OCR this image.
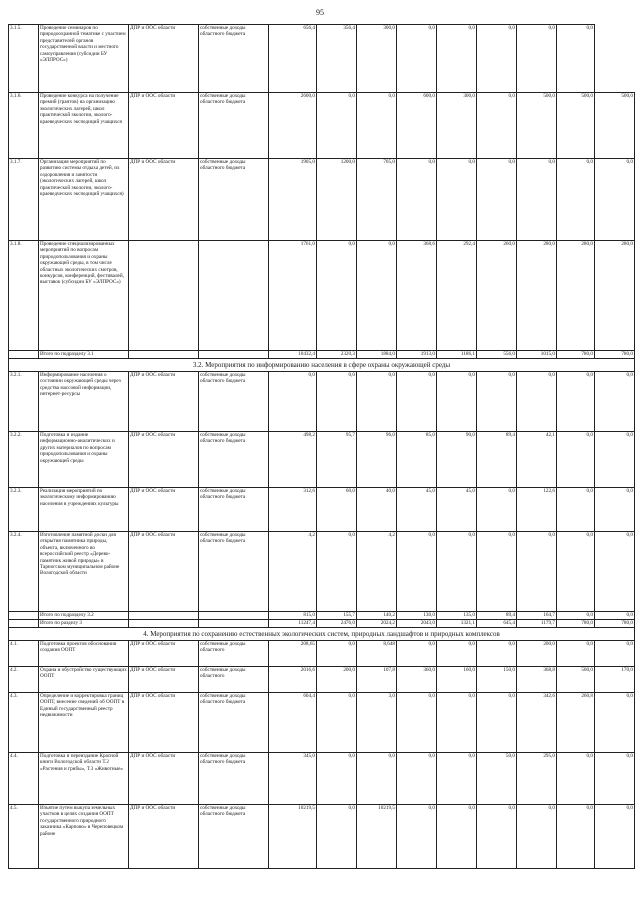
95
3.1.5.	Проведение семинаров по природоохранной тематике с участием представителей органов государственной власти и местного самоуправления (субсидии БУ «ЭЛПРОС»)	ДПР и ООС области	собственные доходы областного бюджета	656,4	356,4	300,0	0,0	0,0	0,0	0,0	0,0	
3.1.6.	Проведение конкурса на получение премий (грантов) на организацию экологических лагерей, школ практической экологии, эколого-краеведческих экспедиций учащихся	ДПР и ООС области	собственные доходы областного бюджета	2600,0	0,0	0,0	600,0	300,0	0,0	500,0	500,0	500,0
3.1.7.	Организация мероприятий по развитию системы отдыха детей, их оздоровления и занятости (экологических лагерей, школ практической экологии, эколого-краеведческих экспедиций учащихся)	ДПР и ООС области	собственные доходы областного бюджета	1905,0	1200,0	705,0	0,0	0,0	0,0	0,0	0,0	0,0
3.1.8.	Проведение специализированных мероприятий по вопросам природопользования и охраны окружающей среды, в том числе областных экологических смотров, конкурсов, конференций, фестивалей, выставок (субсидии БУ «ЭЛПРОС»)			1761,0	0,0	0,0	368,6	292,4	260,0	280,0	280,0	280,0
	Итого по подразделу 3.1			10432,4	2320,3	1884,0	1913,0	1186,1	556,0	1015,0	780,0	780,0
3.2. Мероприятия по информированию населения в сфере охраны окружающей среды												
3.2.1.	Информирование населения о состоянии окружающей среды через средства массовой информации, интернет-ресурсы	ДПР и ООС области	собственные доходы областного бюджета	0,0	0,0	0,0	0,0	0,0	0,0	0,0	0,0	0,0
3.2.2.	Подготовка и издание информационно-аналитических и других материалов по вопросам природопользования и охраны окружающей среды	ДПР и ООС области	собственные доходы областного бюджета	498,2	95,7	96,0	85,0	90,0	89,4	42,1	0,0	0,0
3.2.3.	Реализация мероприятий по экологическому информированию населения в учреждениях культуры	ДПР и ООС области	собственные доходы областного бюджета	312,6	60,0	40,0	45,0	45,0	0,0	122,6	0,0	0,0
3.2.4.	Изготовление памятной доски для открытия памятника природы, объекта, включенного во всероссийский реестр «Дерево-памятник живой природы» в Тарногском муниципальном районе Вологодской области	ДПР и ООС области	собственные доходы областного бюджета	4,2	0,0	4,2	0,0	0,0	0,0	0,0	0,0	0,0
	Итого по подразделу 3.2			815,0	155,7	140,2	130,0	135,0	89,4	164,7	0,0	0,0
	Итого по разделу 3			11247,4	2476,0	2024,2	2043,0	1321,1	645,4	1179,7	780,0	780,0
4. Мероприятия по сохранению естественных экологических систем, природных ландшафтов и природных комплексов												
4.1.	Подготовка проектов обоснования создания ООПТ	ДПР и ООС области	собственные доходы областного	208,65	0,0	8,648	0,0	0,0	0,0	200,0	0,0	0,0
4.2.	Охрана и обустройство существующих ООПТ	ДПР и ООС области	собственные доходы областного	2016,6	200,0	107,8	360,0	160,0	150,0	368,8	500,0	170,0
4.3.	Определение и корректировка границ ООПТ, внесение сведений об ООПТ в Единый государственный реестр недвижимости	ДПР и ООС области	собственные доходы областного бюджета	604,4	0,0	3,0	0,0	0,0	0,0	342,6	260,8	0,0
4.4.	Подготовка и переиздание Красной книги Вологодской области Т.2 «Растения и грибы», Т.3 «Животные»	ДПР и ООС области	собственные доходы областного бюджета	345,0	0,0	0,0	0,0	0,0	50,0	295,0	0,0	0,0
4.5.	Изъятие путем выкупа земельных участков в целях создания ООПТ государственного природного заказника «Карпово» в Череповецком районе	ДПР и ООС области	собственные доходы областного бюджета	10219,5	0,0	10219,5	0,0	0,0	0,0	0,0	0,0	0,0
